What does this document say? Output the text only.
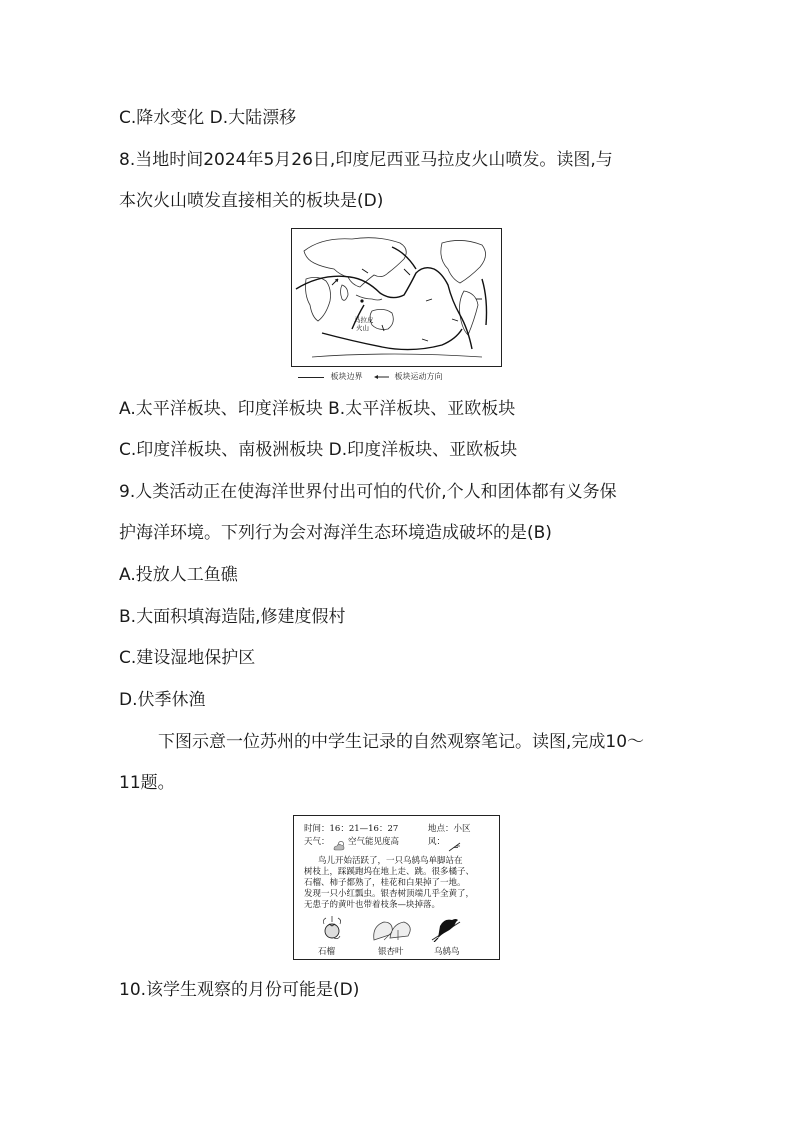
C.降水变化 D.大陆漂移
8.当地时间2024年5月26日,印度尼西亚马拉皮火山喷发。读图,与
本次火山喷发直接相关的板块是(D)
马拉皮
火山
板块边界	板块运动方向
A.太平洋板块、印度洋板块 B.太平洋板块、亚欧板块
C.印度洋板块、南极洲板块 D.印度洋板块、亚欧板块
9.人类活动正在使海洋世界付出可怕的代价,个人和团体都有义务保
护海洋环境。下列行为会对海洋生态环境造成破坏的是(B)
A.投放人工鱼礁
B.大面积填海造陆,修建度假村
C.建设湿地保护区
D.伏季休渔
下图示意一位苏州的中学生记录的自然观察笔记。读图,完成10～
11题。
时间：16：21—16：27	地点：小区
天气： 空气能见度高	风：
鸟儿开始活跃了，一只乌鸫鸟单脚站在
树枝上，踩蹊跑坞在地上走、跳。很多橘子、
石榴、柿子都熟了，桂花和白果掉了一地。
发现一只小红瓢虫。银杏树顶端几乎全黄了，
无患子的黄叶也带着枝条—块掉落。
石榴	银杏叶	乌鸫鸟
10.该学生观察的月份可能是(D)
